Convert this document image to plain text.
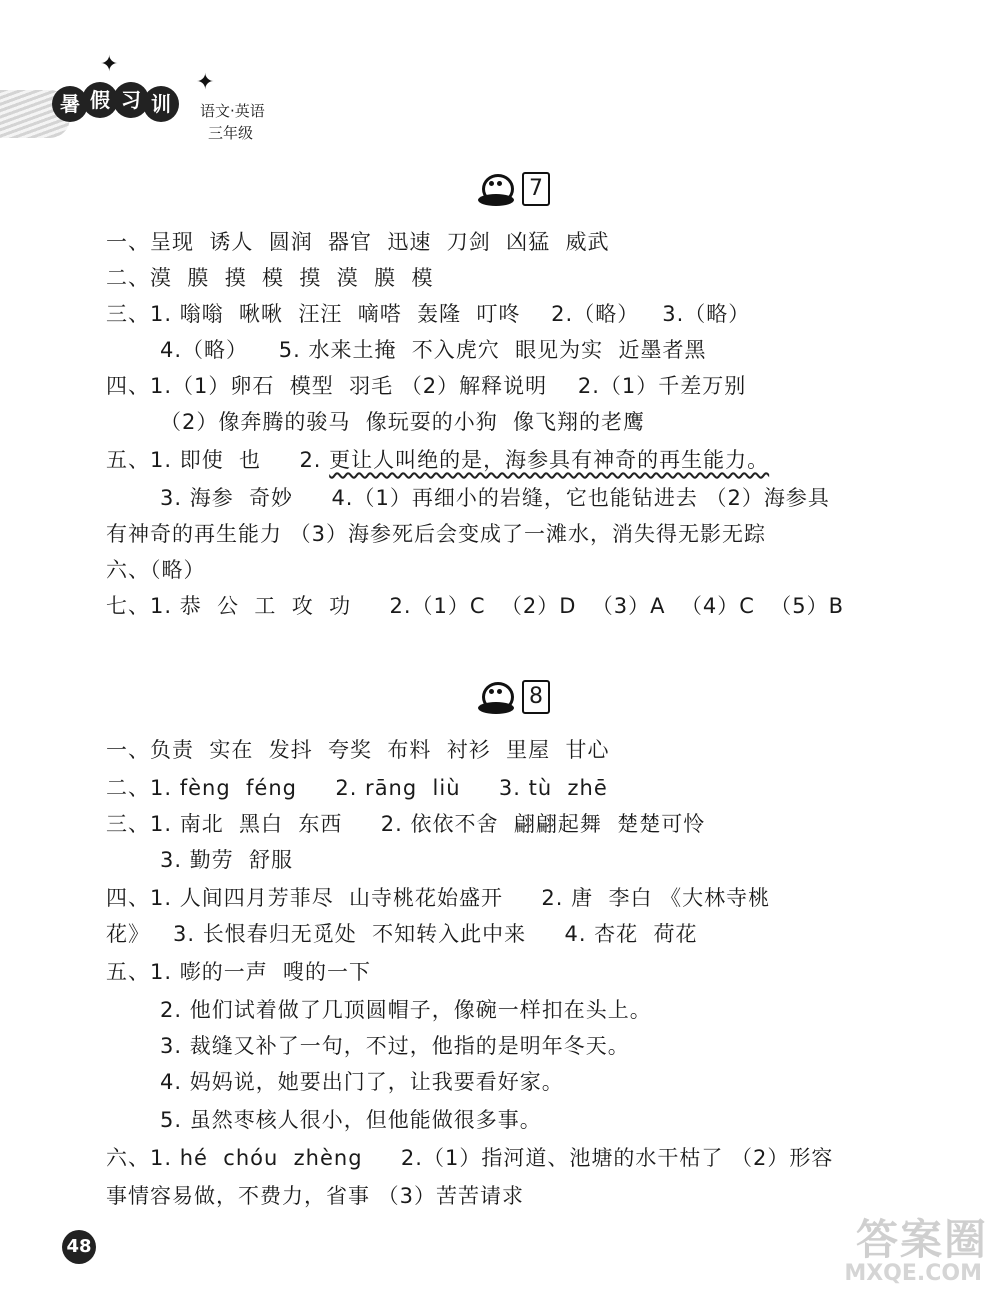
✦
✦
暑 假 习 训	语文·英语
三年级
7
一、呈现  诱人  圆润  器官  迅速  刀剑  凶猛  威武
二、漠  膜  摸  模  摸  漠  膜  模
三、1. 嗡嗡  啾啾  汪汪  嘀嗒  轰隆  叮咚    2.（略）   3.（略）
4.（略）    5. 水来土掩  不入虎穴  眼见为实  近墨者黑
四、1.（1）卵石  模型  羽毛 （2）解释说明    2.（1）千差万别
（2）像奔腾的骏马  像玩耍的小狗  像飞翔的老鹰
五、1. 即使  也     2. 更让人叫绝的是，海参具有神奇的再生能力。
3. 海参  奇妙     4.（1）再细小的岩缝，它也能钻进去 （2）海参具
有神奇的再生能力 （3）海参死后会变成了一滩水，消失得无影无踪
六、（略）
七、1. 恭  公  工  攻  功     2.（1）C  （2）D  （3）A  （4）C  （5）B
8
一、负责  实在  发抖  夸奖  布料  衬衫  里屋  甘心
二、1. fèng  féng     2. rāng  liù     3. tù  zhē
三、1. 南北  黑白  东西     2. 依依不舍  翩翩起舞  楚楚可怜
3. 勤劳  舒服
四、1. 人间四月芳菲尽  山寺桃花始盛开     2. 唐  李白 《大林寺桃
花》   3. 长恨春归无觅处  不知转入此中来     4. 杏花  荷花
五、1. 嘭的一声  嗖的一下
2. 他们试着做了几顶圆帽子，像碗一样扣在头上。
3. 裁缝又补了一句，不过，他指的是明年冬天。
4. 妈妈说，她要出门了，让我要看好家。
5. 虽然枣核人很小，但他能做很多事。
六、1. hé  chóu  zhèng     2.（1）指河道、池塘的水干枯了 （2）形容
事情容易做，不费力，省事 （3）苦苦请求
48	答案圈
MXQE.COM
